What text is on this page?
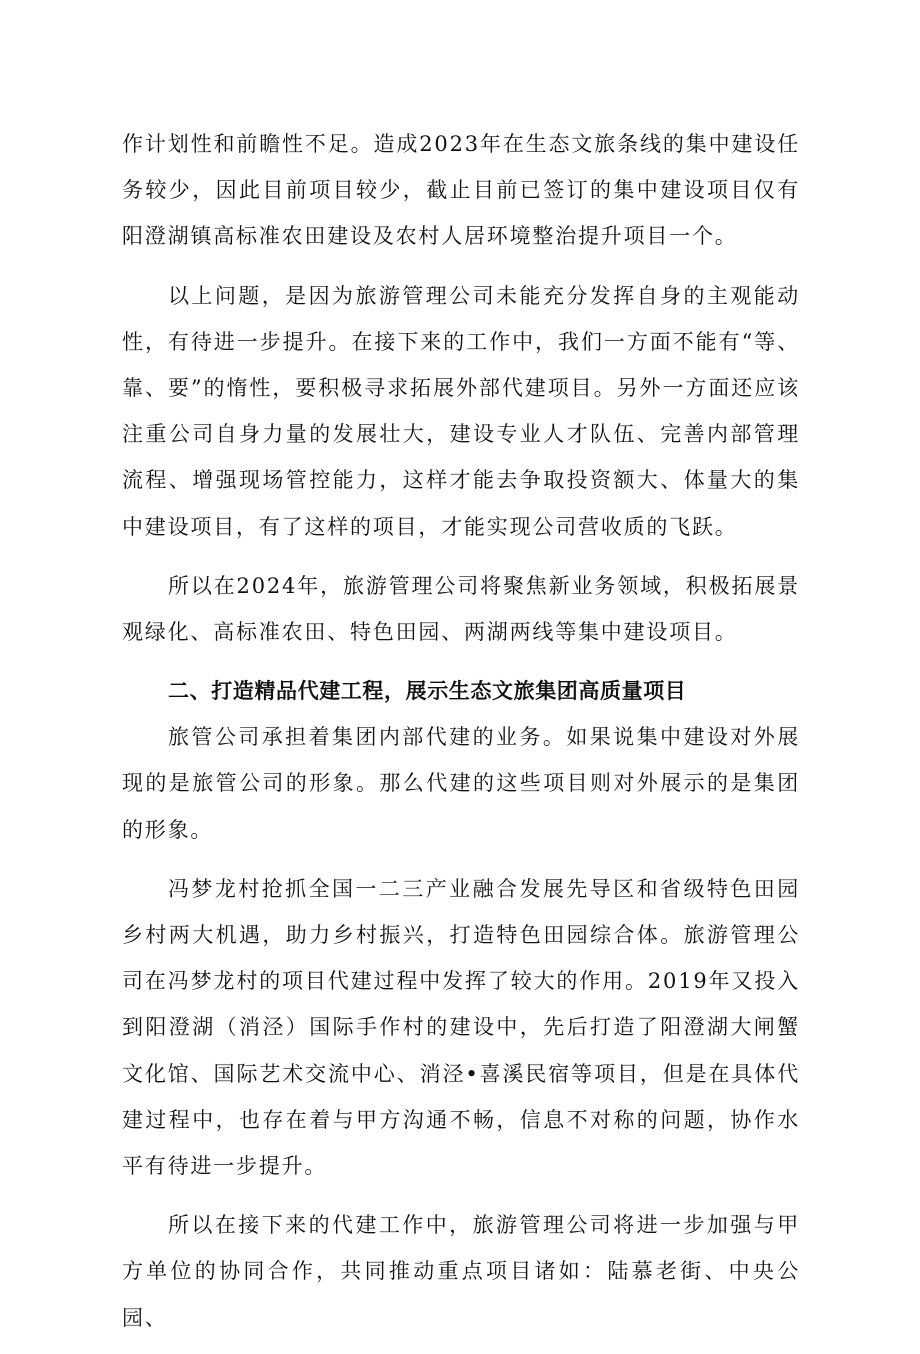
作计划性和前瞻性不足。造成2023年在生态文旅条线的集中建设任务较少，因此目前项目较少，截止目前已签订的集中建设项目仅有阳澄湖镇高标准农田建设及农村人居环境整治提升项目一个。

以上问题，是因为旅游管理公司未能充分发挥自身的主观能动性，有待进一步提升。在接下来的工作中，我们一方面不能有“等、靠、要”的惰性，要积极寻求拓展外部代建项目。另外一方面还应该注重公司自身力量的发展壮大，建设专业人才队伍、完善内部管理流程、增强现场管控能力，这样才能去争取投资额大、体量大的集中建设项目，有了这样的项目，才能实现公司营收质的飞跃。

所以在2024年，旅游管理公司将聚焦新业务领域，积极拓展景观绿化、高标准农田、特色田园、两湖两线等集中建设项目。

二、打造精品代建工程，展示生态文旅集团高质量项目

旅管公司承担着集团内部代建的业务。如果说集中建设对外展现的是旅管公司的形象。那么代建的这些项目则对外展示的是集团的形象。

冯梦龙村抢抓全国一二三产业融合发展先导区和省级特色田园乡村两大机遇，助力乡村振兴，打造特色田园综合体。旅游管理公司在冯梦龙村的项目代建过程中发挥了较大的作用。2019年又投入到阳澄湖（消泾）国际手作村的建设中，先后打造了阳澄湖大闸蟹文化馆、国际艺术交流中心、消泾•喜溪民宿等项目，但是在具体代建过程中，也存在着与甲方沟通不畅，信息不对称的问题，协作水平有待进一步提升。

所以在接下来的代建工作中，旅游管理公司将进一步加强与甲方单位的协同合作，共同推动重点项目诸如：陆慕老街、中央公园、
